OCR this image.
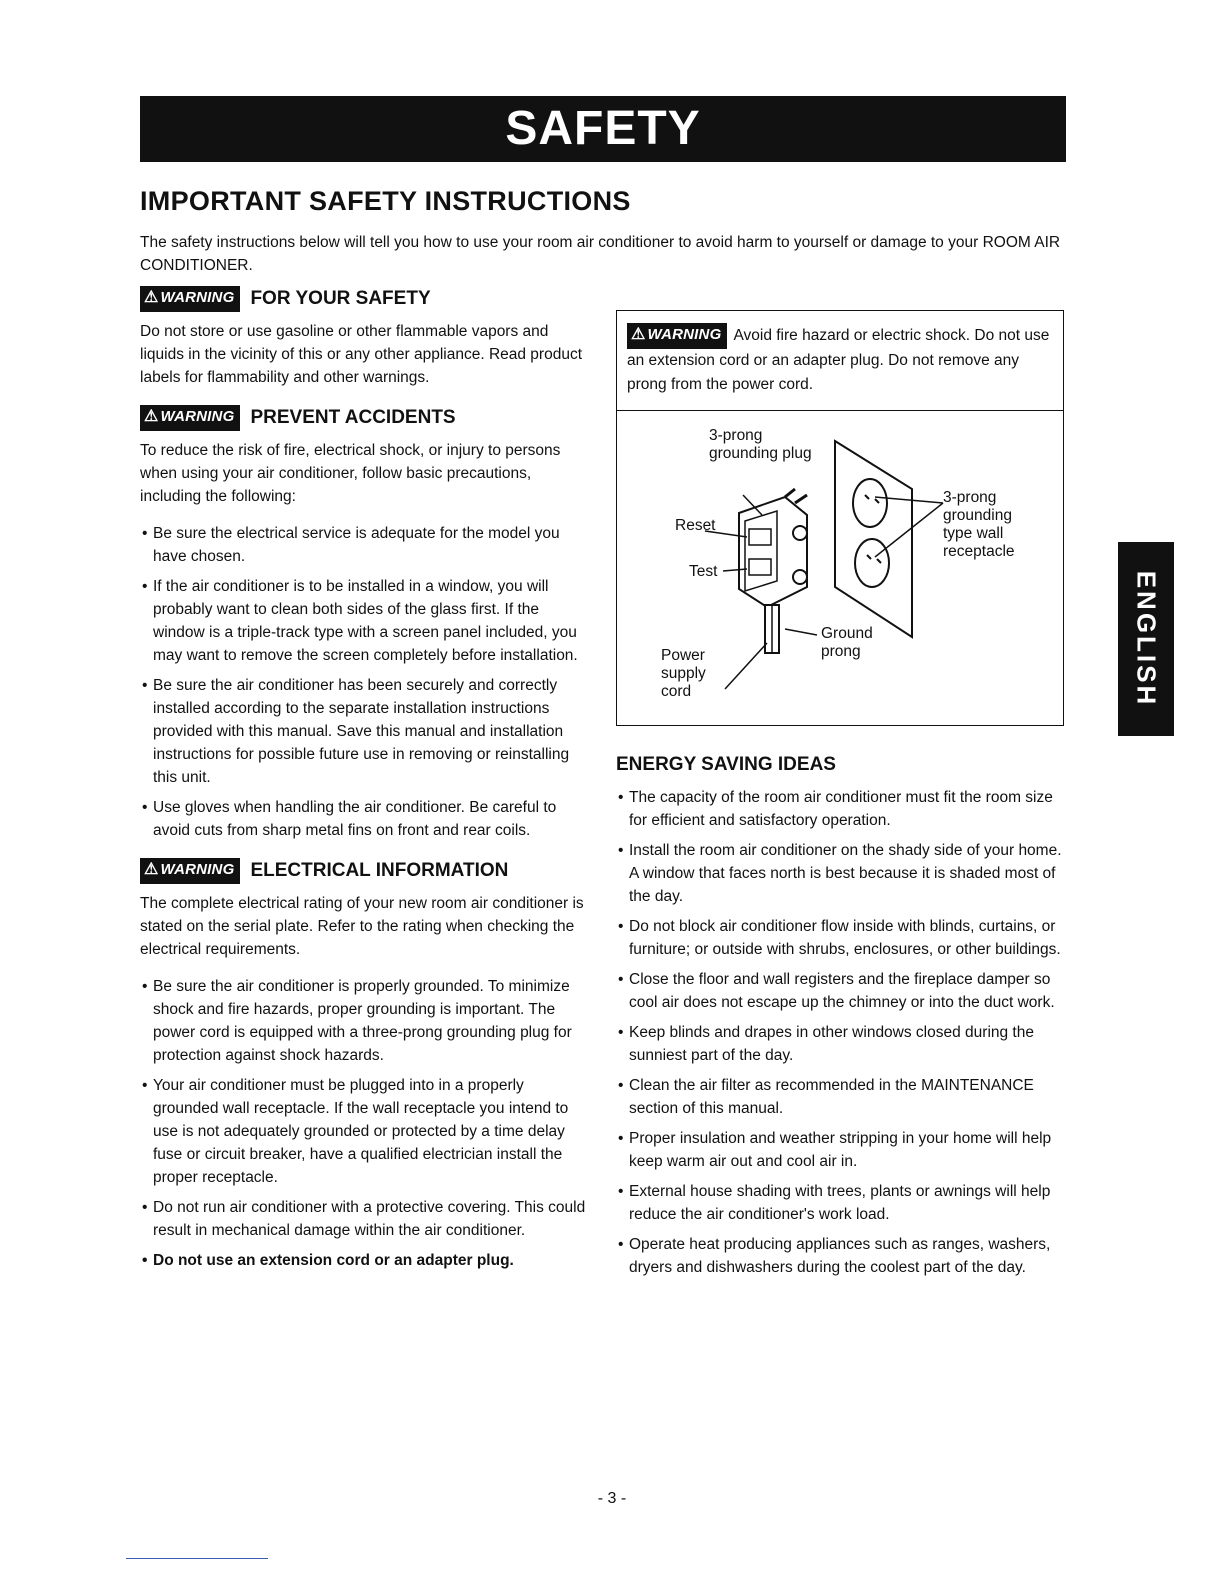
SAFETY
IMPORTANT SAFETY INSTRUCTIONS
The safety instructions below will tell you how to use your room air conditioner to avoid harm to yourself or damage to your ROOM AIR CONDITIONER.
⚠ WARNING FOR YOUR SAFETY

Do not store or use gasoline or other flammable vapors and liquids in the vicinity of this or any other appliance. Read product labels for flammability and other warnings.

⚠ WARNING PREVENT ACCIDENTS

To reduce the risk of fire, electrical shock, or injury to persons when using your air conditioner, follow basic precautions, including the following:

• Be sure the electrical service is adequate for the model you have chosen.
• If the air conditioner is to be installed in a window, you will probably want to clean both sides of the glass first. If the window is a triple-track type with a screen panel included, you may want to remove the screen completely before installation.
• Be sure the air conditioner has been securely and correctly installed according to the separate installation instructions provided with this manual. Save this manual and installation instructions for possible future use in removing or reinstalling this unit.
• Use gloves when handling the air conditioner. Be careful to avoid cuts from sharp metal fins on front and rear coils.
⚠ WARNING ELECTRICAL INFORMATION

The complete electrical rating of your new room air conditioner is stated on the serial plate. Refer to the rating when checking the electrical requirements.

• Be sure the air conditioner is properly grounded. To minimize shock and fire hazards, proper grounding is important. The power cord is equipped with a three-prong grounding plug for protection against shock hazards.
• Your air conditioner must be plugged into in a properly grounded wall receptacle. If the wall receptacle you intend to use is not adequately grounded or protected by a time delay fuse or circuit breaker, have a qualified electrician install the proper receptacle.
• Do not run air conditioner with a protective covering. This could result in mechanical damage within the air conditioner.
• Do not use an extension cord or an adapter plug.
⚠ WARNING Avoid fire hazard or electric shock. Do not use an extension cord or an adapter plug. Do not remove any prong from the power cord.
3-prong grounding plug
Reset
Test
3-prong grounding type wall receptacle
Ground prong
Power supply cord
ENERGY SAVING IDEAS
• The capacity of the room air conditioner must fit the room size for efficient and satisfactory operation.
• Install the room air conditioner on the shady side of your home. A window that faces north is best because it is shaded most of the day.
• Do not block air conditioner flow inside with blinds, curtains, or furniture; or outside with shrubs, enclosures, or other buildings.
• Close the floor and wall registers and the fireplace damper so cool air does not escape up the chimney or into the duct work.
• Keep blinds and drapes in other windows closed during the sunniest part of the day.
• Clean the air filter as recommended in the MAINTENANCE section of this manual.
• Proper insulation and weather stripping in your home will help keep warm air out and cool air in.
• External house shading with trees, plants or awnings will help reduce the air conditioner's work load.
• Operate heat producing appliances such as ranges, washers, dryers and dishwashers during the coolest part of the day.
ENGLISH
- 3 -
